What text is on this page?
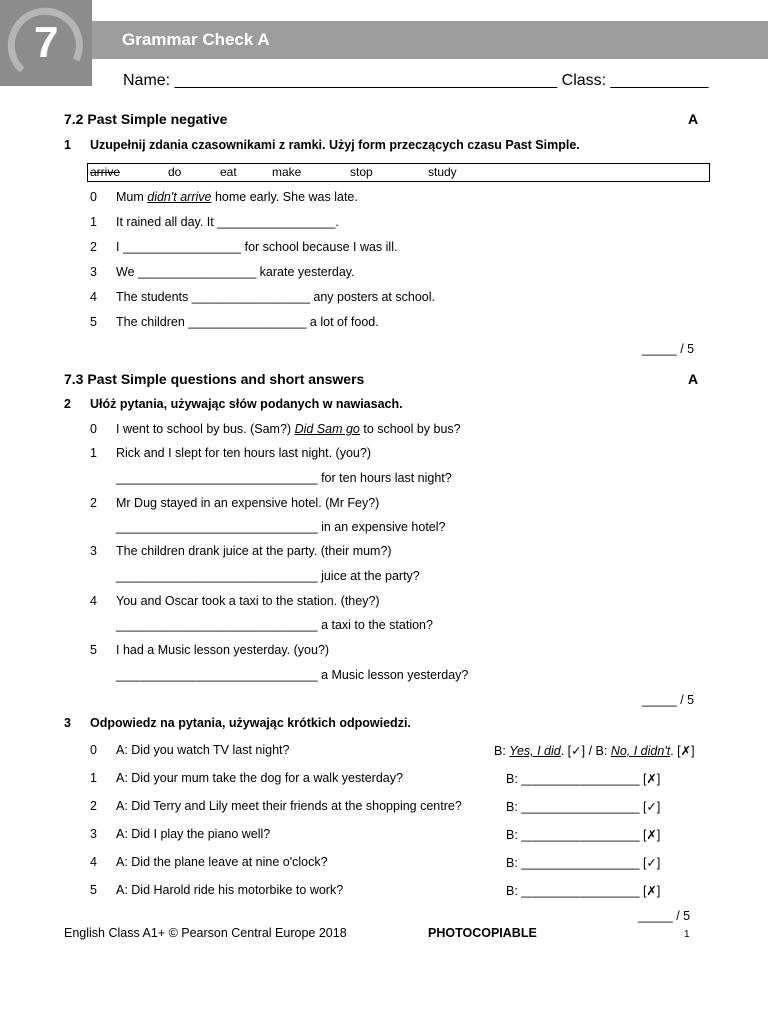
7	Grammar Check A
Name: ___________________________________________ Class: ___________
7.2 Past Simple negative	A
1 Uzupełnij zdania czasownikami z ramki. Użyj form przeczących czasu Past Simple.
arrive	do	eat	make	stop	study
0	Mum didn't arrive home early. She was late.
1	It rained all day. It _________________.
2	I _________________ for school because I was ill.
3	We _________________ karate yesterday.
4	The students _________________ any posters at school.
5	The children _________________ a lot of food.
_____ / 5
7.3 Past Simple questions and short answers	A
2 Ułóż pytania, używając słów podanych w nawiasach.
0	I went to school by bus. (Sam?) Did Sam go to school by bus?
1	Rick and I slept for ten hours last night. (you?)
_____________________________ for ten hours last night?
2	Mr Dug stayed in an expensive hotel. (Mr Fey?)
_____________________________ in an expensive hotel?
3	The children drank juice at the party. (their mum?)
_____________________________ juice at the party?
4	You and Oscar took a taxi to the station. (they?)
_____________________________ a taxi to the station?
5	I had a Music lesson yesterday. (you?)
_____________________________ a Music lesson yesterday?
_____ / 5
3 Odpowiedz na pytania, używając krótkich odpowiedzi.
0	A: Did you watch TV last night?	B: Yes, I did. [✓] / B: No, I didn't. [✗]
1	A: Did your mum take the dog for a walk yesterday?	B: _________________ [✗]
2	A: Did Terry and Lily meet their friends at the shopping centre?	B: _________________ [✓]
3	A: Did I play the piano well?	B: _________________ [✗]
4	A: Did the plane leave at nine o'clock?	B: _________________ [✓]
5	A: Did Harold ride his motorbike to work?	B: _________________ [✗]
_____ / 5
English Class A1+ © Pearson Central Europe 2018	PHOTOCOPIABLE	1
